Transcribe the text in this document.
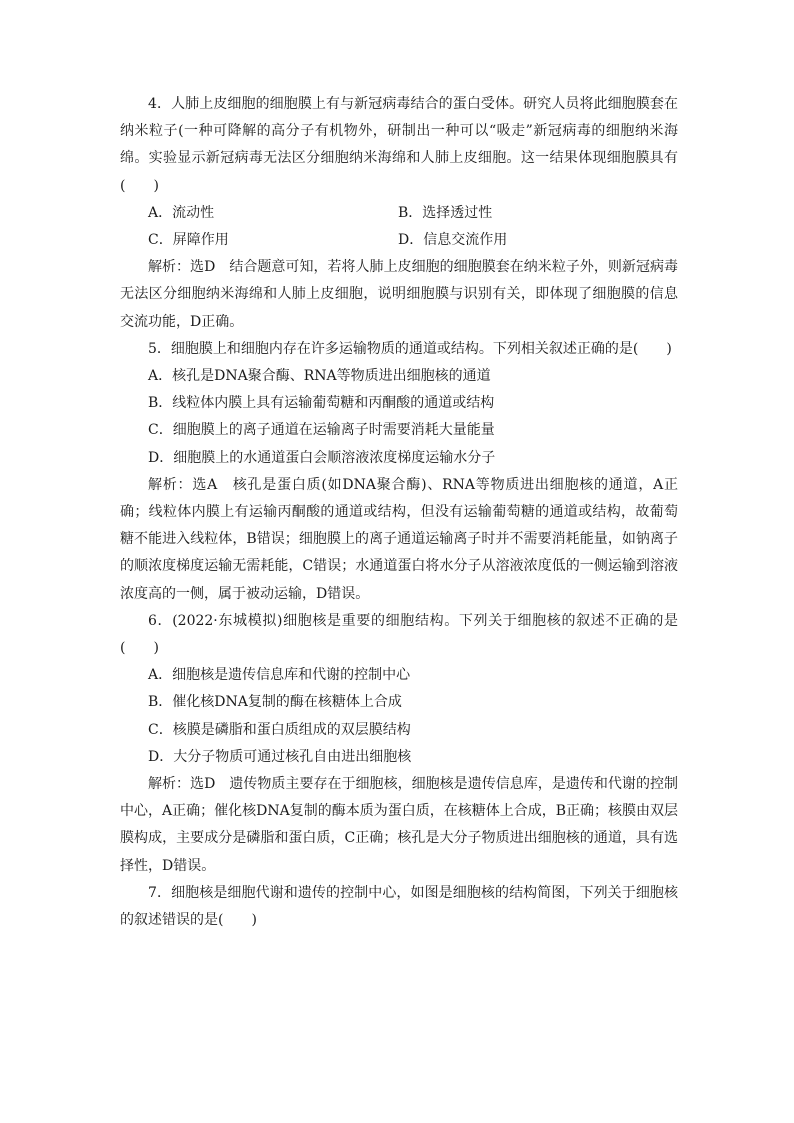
4．人肺上皮细胞的细胞膜上有与新冠病毒结合的蛋白受体。研究人员将此细胞膜套在纳米粒子(一种可降解的高分子有机物外，研制出一种可以“吸走”新冠病毒的细胞纳米海绵。实验显示新冠病毒无法区分细胞纳米海绵和人肺上皮细胞。这一结果体现细胞膜具有(　　)

A．流动性	B．选择透过性
C．屏障作用	D．信息交流作用

解析：选D　结合题意可知，若将人肺上皮细胞的细胞膜套在纳米粒子外，则新冠病毒无法区分细胞纳米海绵和人肺上皮细胞，说明细胞膜与识别有关，即体现了细胞膜的信息交流功能，D正确。

5．细胞膜上和细胞内存在许多运输物质的通道或结构。下列相关叙述正确的是(　　)

A．核孔是DNA聚合酶、RNA等物质进出细胞核的通道
B．线粒体内膜上具有运输葡萄糖和丙酮酸的通道或结构
C．细胞膜上的离子通道在运输离子时需要消耗大量能量
D．细胞膜上的水通道蛋白会顺溶液浓度梯度运输水分子

解析：选A　核孔是蛋白质(如DNA聚合酶)、RNA等物质进出细胞核的通道，A正确；线粒体内膜上有运输丙酮酸的通道或结构，但没有运输葡萄糖的通道或结构，故葡萄糖不能进入线粒体，B错误；细胞膜上的离子通道运输离子时并不需要消耗能量，如钠离子的顺浓度梯度运输无需耗能，C错误；水通道蛋白将水分子从溶液浓度低的一侧运输到溶液浓度高的一侧，属于被动运输，D错误。

6．(2022·东城模拟)细胞核是重要的细胞结构。下列关于细胞核的叙述不正确的是(　　)

A．细胞核是遗传信息库和代谢的控制中心
B．催化核DNA复制的酶在核糖体上合成
C．核膜是磷脂和蛋白质组成的双层膜结构
D．大分子物质可通过核孔自由进出细胞核

解析：选D　遗传物质主要存在于细胞核，细胞核是遗传信息库，是遗传和代谢的控制中心，A正确；催化核DNA复制的酶本质为蛋白质，在核糖体上合成，B正确；核膜由双层膜构成，主要成分是磷脂和蛋白质，C正确；核孔是大分子物质进出细胞核的通道，具有选择性，D错误。

7．细胞核是细胞代谢和遗传的控制中心，如图是细胞核的结构简图，下列关于细胞核的叙述错误的是(　　)
